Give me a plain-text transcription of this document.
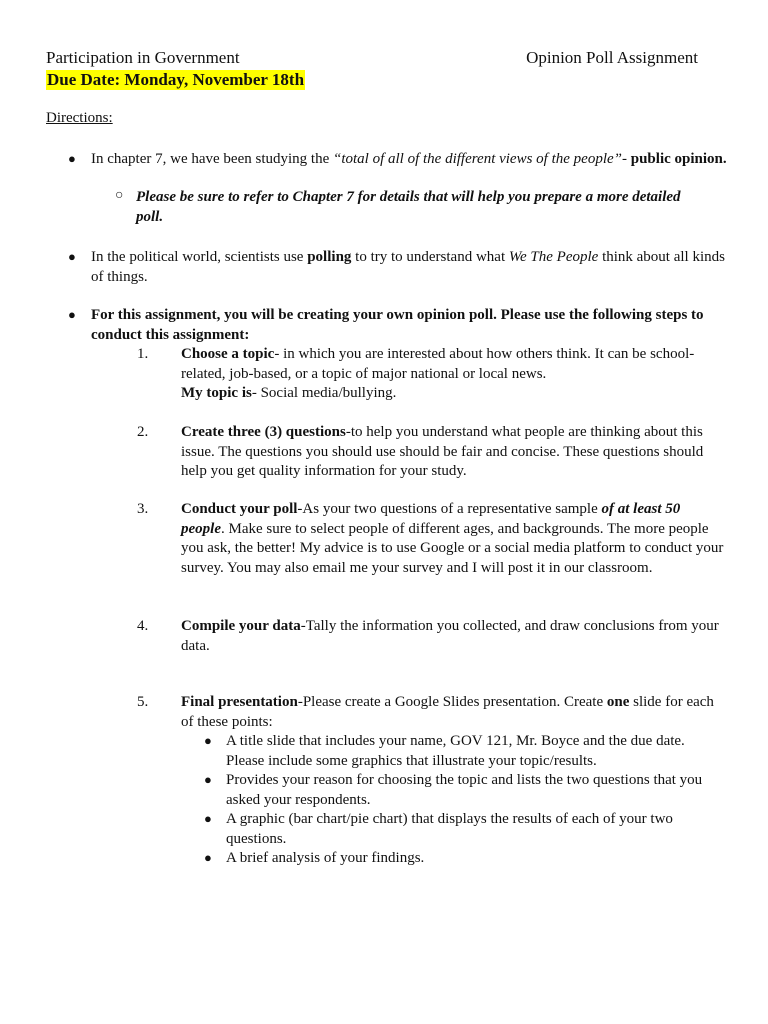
Participation in Government	Opinion Poll Assignment
Due Date: Monday, November 18th
Directions:
● In chapter 7, we have been studying the “total of all of the different views of the people”- public opinion.
○ Please be sure to refer to Chapter 7 for details that will help you prepare a more detailed poll.
● In the political world, scientists use polling to try to understand what We The People think about all kinds of things.
● For this assignment, you will be creating your own opinion poll. Please use the following steps to conduct this assignment:
1. Choose a topic- in which you are interested about how others think. It can be school-related, job-based, or a topic of major national or local news.
My topic is- Social media/bullying.
2. Create three (3) questions-to help you understand what people are thinking about this issue. The questions you should use should be fair and concise. These questions should help you get quality information for your study.
3. Conduct your poll-As your two questions of a representative sample of at least 50 people. Make sure to select people of different ages, and backgrounds. The more people you ask, the better! My advice is to use Google or a social media platform to conduct your survey. You may also email me your survey and I will post it in our classroom.
4. Compile your data-Tally the information you collected, and draw conclusions from your data.
5. Final presentation-Please create a Google Slides presentation. Create one slide for each of these points:
● A title slide that includes your name, GOV 121, Mr. Boyce and the due date. Please include some graphics that illustrate your topic/results.
● Provides your reason for choosing the topic and lists the two questions that you asked your respondents.
● A graphic (bar chart/pie chart) that displays the results of each of your two questions.
● A brief analysis of your findings.
